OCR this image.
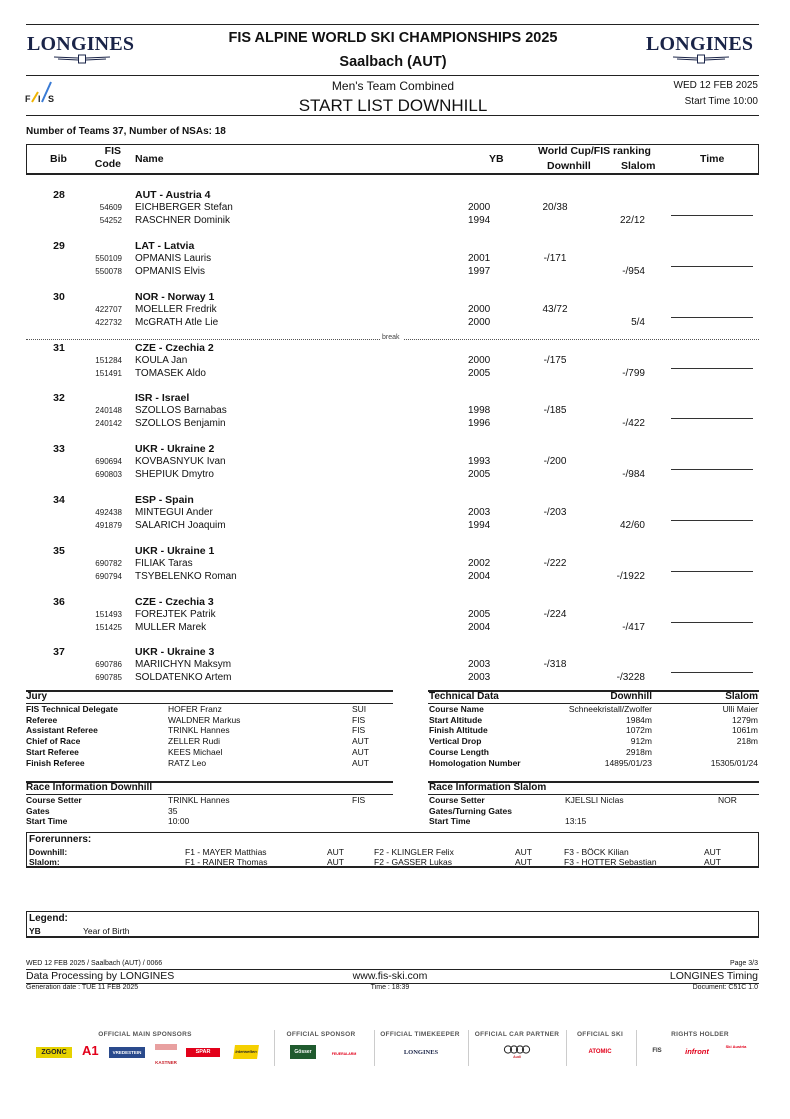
LONGINES	FIS ALPINE WORLD SKI CHAMPIONSHIPS 2025
Saalbach (AUT)
LONGINES
F I S
Men's Team Combined
START LIST DOWNHILL
WED 12 FEB 2025
Start Time 10:00
Number of Teams 37, Number of NSAs: 18
Bib
FIS
Code Name	YB
World Cup/FIS ranking
Downhill	Slalom
Time
28	AUT - Austria 4
54609 EICHBERGER Stefan	2000	20/38
54252 RASCHNER Dominik	1994	22/12
29	LAT - Latvia
550109 OPMANIS Lauris	2001	-/171
550078 OPMANIS Elvis	1997	-/954
30	NOR - Norway 1
422707 MOELLER Fredrik	2000	43/72
422732 McGRATH Atle Lie	2000	5/4
31	CZE - Czechia 2
151284 KOULA Jan	2000	-/175
151491 TOMASEK Aldo	2005	-/799
32	ISR - Israel
240148 SZOLLOS Barnabas	1998	-/185
240142 SZOLLOS Benjamin	1996	-/422
33	UKR - Ukraine 2
690694 KOVBASNYUK Ivan	1993	-/200
690803 SHEPIUK Dmytro	2005	-/984
34	ESP - Spain
492438 MINTEGUI Ander	2003	-/203
491879 SALARICH Joaquim	1994	42/60
35	UKR - Ukraine 1
690782 FILIAK Taras	2002	-/222
690794 TSYBELENKO Roman	2004	-/1922
36	CZE - Czechia 3
151493 FOREJTEK Patrik	2005	-/224
151425 MULLER Marek	2004	-/417
37	UKR - Ukraine 3
690786 MARIICHYN Maksym	2003	-/318
690785 SOLDATENKO Artem	2003	-/3228
break
Jury
FIS Technical Delegate	HOFER Franz	SUI
Referee	WALDNER Markus	FIS
Assistant Referee	TRINKL Hannes	FIS
Chief of Race	ZELLER Rudi	AUT
Start Referee	KEES Michael	AUT
Finish Referee	RATZ Leo	AUT
Technical Data	Downhill	Slalom
Course Name	Schneekristall/Zwolfer	Ulli Maier
Start Altitude	1984m	1279m
Finish Altitude	1072m	1061m
Vertical Drop	912m	218m
Course Length	2918m
Homologation Number	14895/01/23	15305/01/24
Race Information Downhill
Course Setter	TRINKL Hannes	FIS
Gates	35
Start Time	10:00
Race Information Slalom
Course Setter	KJELSLI Niclas	NOR
Gates/Turning Gates
Start Time	13:15
Forerunners:
Downhill:	F1 - MAYER Matthias	AUT	F2 - KLINGLER Felix	AUT	F3 - BÖCK Kilian	AUT
Slalom:	F1 - RAINER Thomas	AUT	F2 - GASSER Lukas	AUT	F3 - HOTTER Sebastian	AUT
Legend:
YB	Year of Birth
WED 12 FEB 2025 / Saalbach (AUT) / 0066	Page 3/3
Data Processing by LONGINES	www.fis-ski.com	LONGINES Timing
Generation date : TUE 11 FEB 2025	Time : 18:39	Document: C51C 1.0
OFFICIAL MAIN SPONSORS
ZGONC	A1	VREDESTEIN
KASTNER
SPAR	interwetten
OFFICIAL SPONSOR
Gösser	FEUERALARM
OFFICIAL TIMEKEEPER
LONGINES
OFFICIAL CAR PARTNER
Audi
OFFICIAL SKI
ATOMIC
RIGHTS HOLDER
FIS	infront
Ski Austria
